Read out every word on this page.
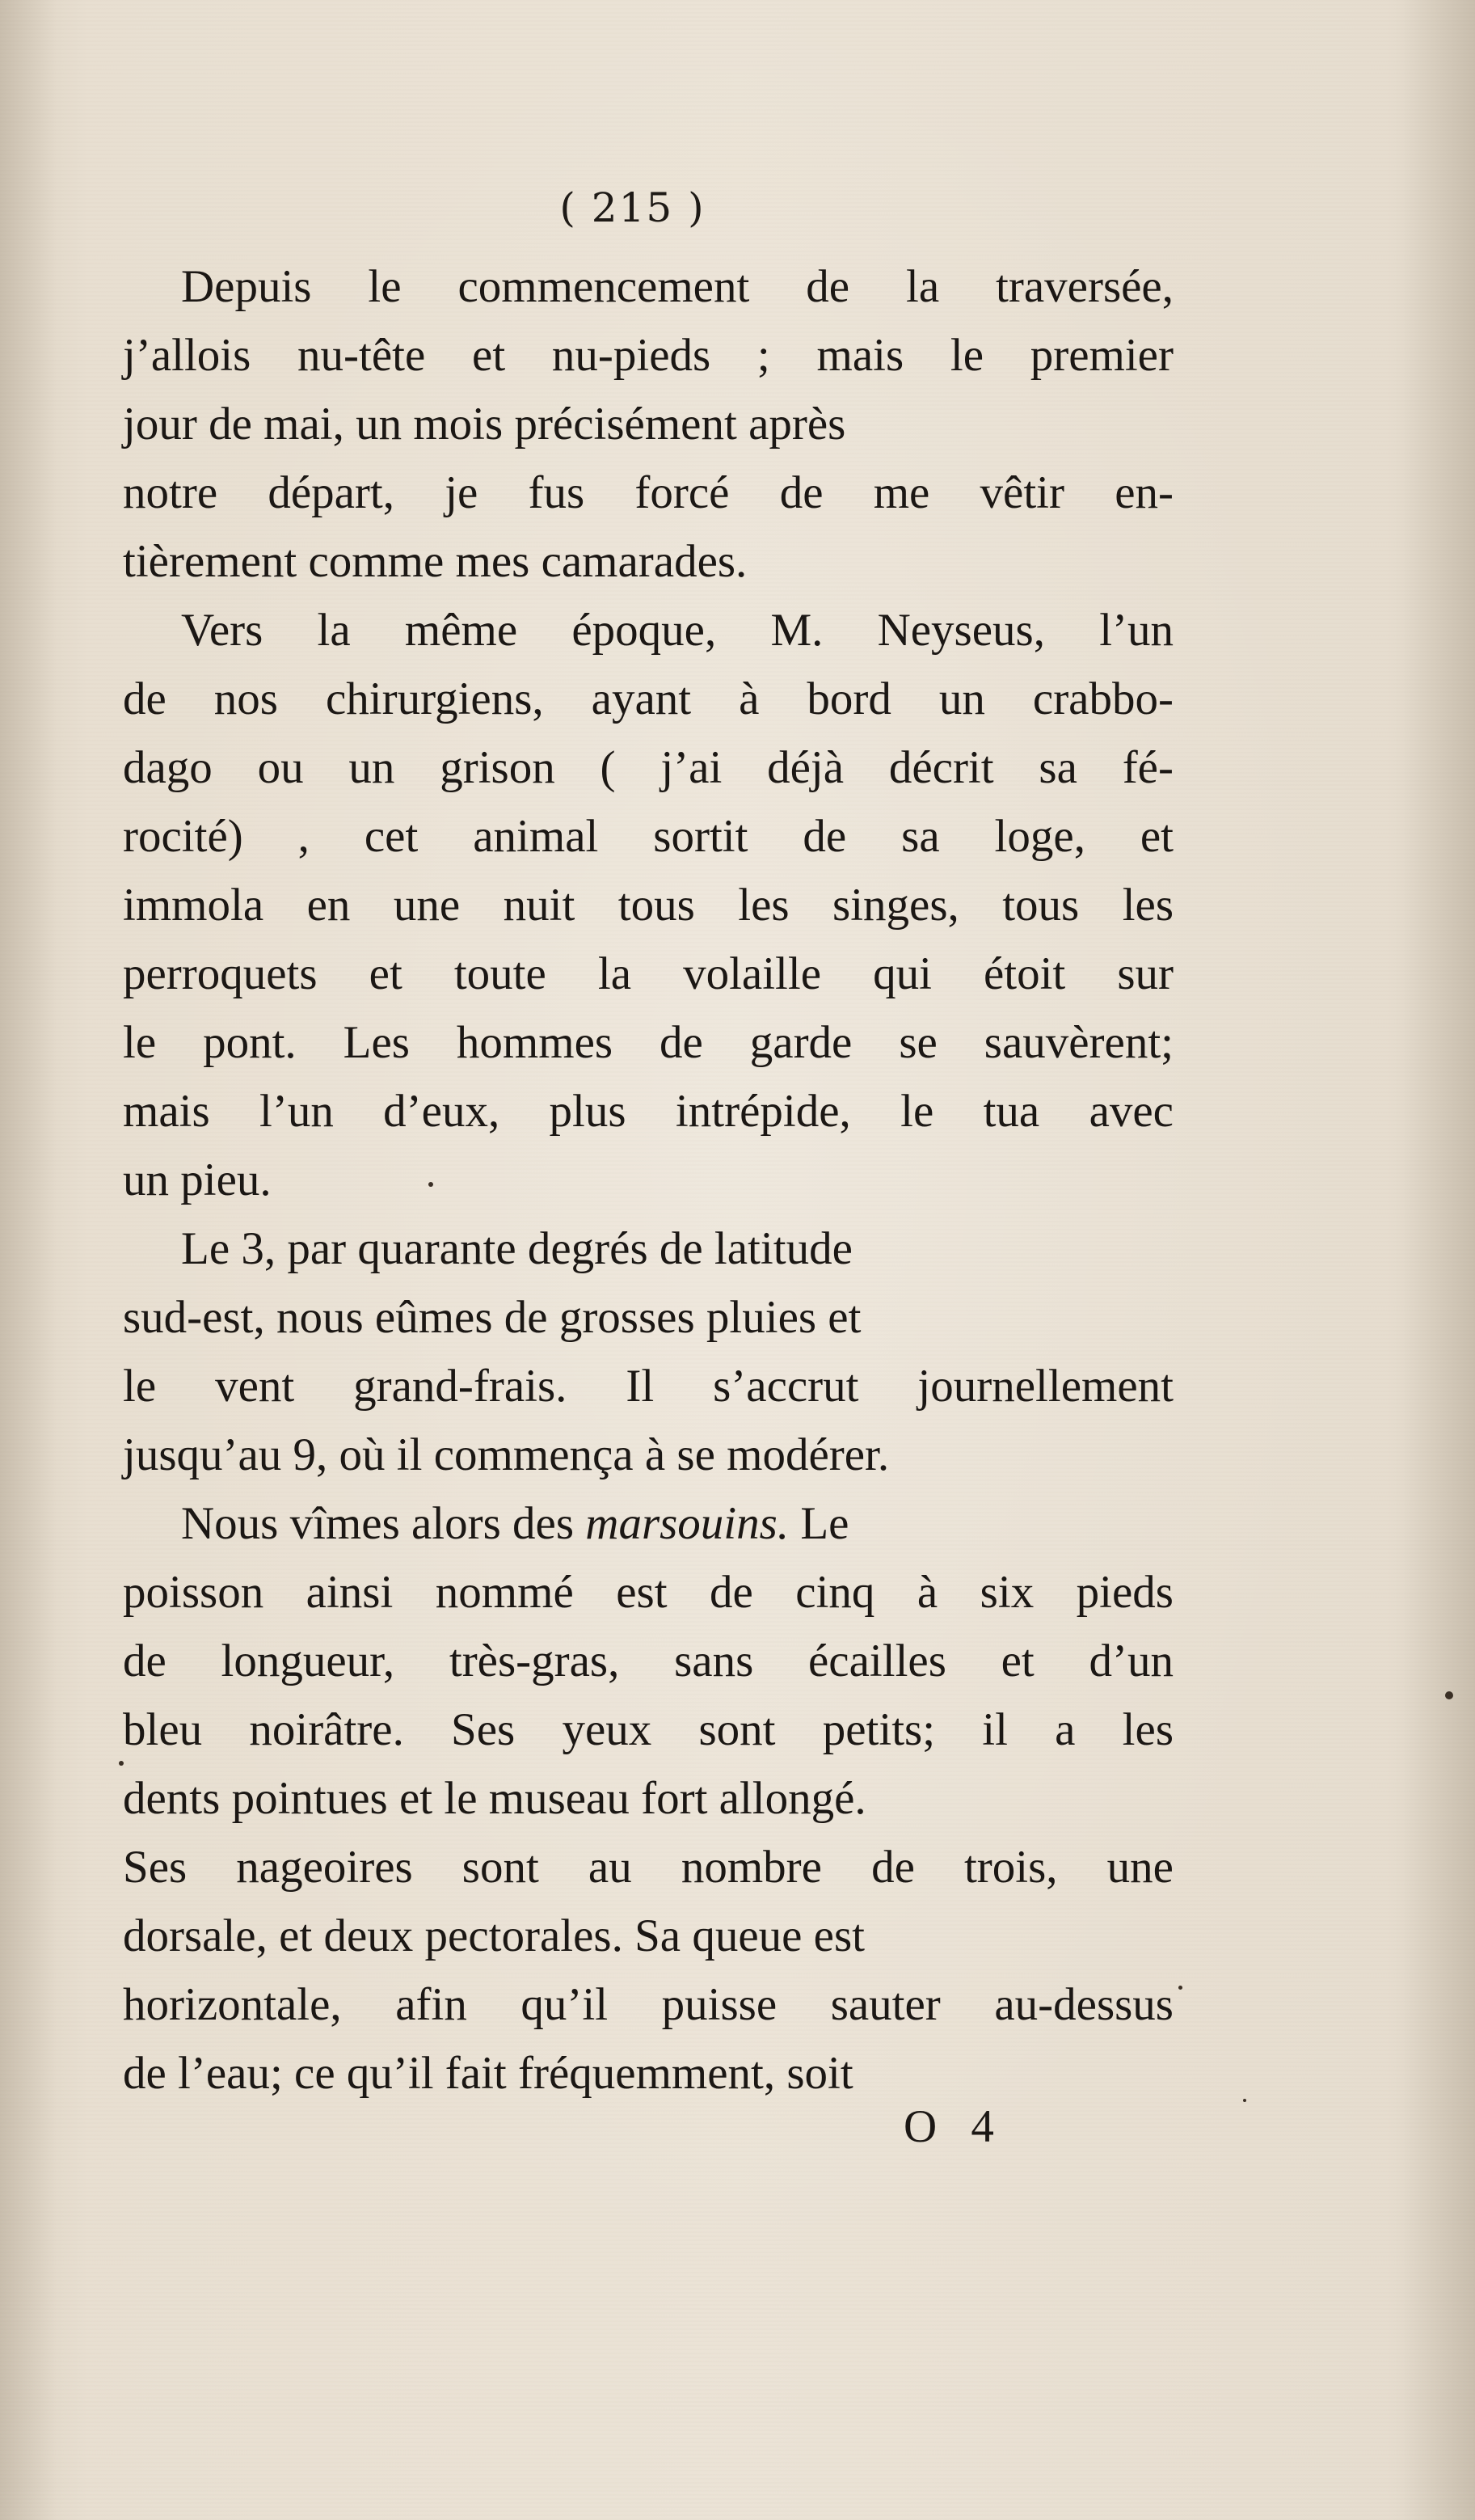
( 215 )
Depuis le commencement de la traversée,
j’allois nu-tête et nu-pieds ; mais le premier
jour de mai, un mois précisément après
notre départ, je fus forcé de me vêtir en-
tièrement comme mes camarades.
Vers la même époque, M. Neyseus, l’un
de nos chirurgiens, ayant à bord un crabbo-
dago ou un grison ( j’ai déjà décrit sa fé-
rocité) , cet animal sortit de sa loge, et
immola en une nuit tous les singes, tous les
perroquets et toute la volaille qui étoit sur
le pont. Les hommes de garde se sauvèrent;
mais l’un d’eux, plus intrépide, le tua avec
un pieu.
Le 3, par quarante degrés de latitude
sud-est, nous eûmes de grosses pluies et
le vent grand-frais. Il s’accrut journellement
jusqu’au 9, où il commença à se modérer.
Nous vîmes alors des marsouins. Le
poisson ainsi nommé est de cinq à six pieds
de longueur, très-gras, sans écailles et d’un
bleu noirâtre. Ses yeux sont petits; il a les
dents pointues et le museau fort allongé.
Ses nageoires sont au nombre de trois, une
dorsale, et deux pectorales. Sa queue est
horizontale, afin qu’il puisse sauter au-dessus
de l’eau; ce qu’il fait fréquemment, soit
O 4
